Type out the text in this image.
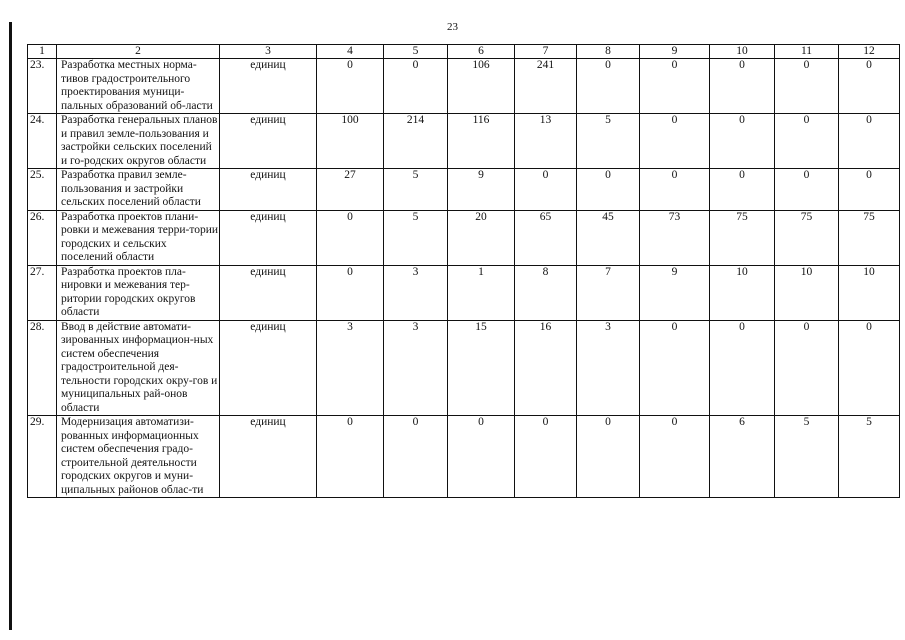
23
1	2	3	4	5	6	7	8	9	10	11	12
23.	Разработка местных норма-тивов градостроительного проектирования муници-пальных образований об-ласти	единиц	0	0	106	241	0	0	0	0	0
24.	Разработка генеральных планов и правил земле-пользования и застройки сельских поселений и го-родских округов области	единиц	100	214	116	13	5	0	0	0	0
25.	Разработка правил земле-пользования и застройки сельских поселений области	единиц	27	5	9	0	0	0	0	0	0
26.	Разработка проектов плани-ровки и межевания терри-тории городских и сельских поселений области	единиц	0	5	20	65	45	73	75	75	75
27.	Разработка проектов пла-нировки и межевания тер-ритории городских округов области	единиц	0	3	1	8	7	9	10	10	10
28.	Ввод в действие автомати-зированных информацион-ных систем обеспечения градостроительной дея-тельности городских окру-гов и муниципальных рай-онов области	единиц	3	3	15	16	3	0	0	0	0
29.	Модернизация автоматизи-рованных информационных систем обеспечения градо-строительной деятельности городских округов и муни-ципальных районов облас-ти	единиц	0	0	0	0	0	0	6	5	5
